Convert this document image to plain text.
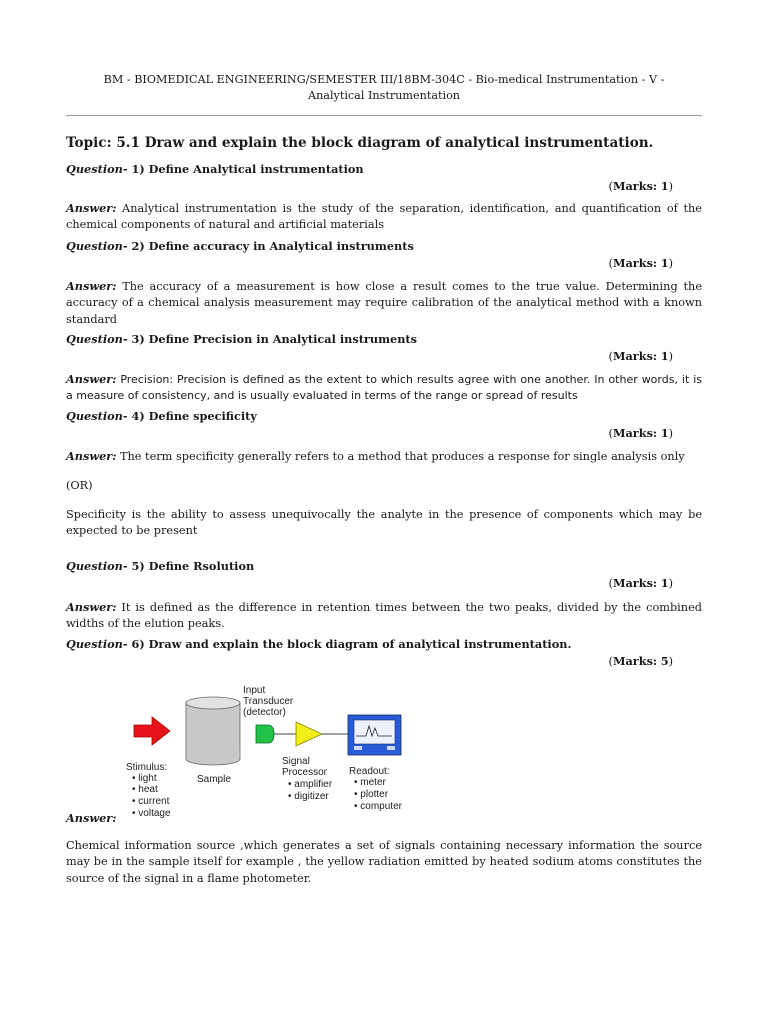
BM - BIOMEDICAL ENGINEERING/SEMESTER III/18BM-304C - Bio-medical Instrumentation - V -
Analytical Instrumentation
Topic: 5.1 Draw and explain the block diagram of analytical instrumentation.
Question- 1) Define Analytical instrumentation
(Marks: 1)
Answer: Analytical instrumentation is the study of the separation, identification, and quantification of the chemical components of natural and artificial materials
Question- 2) Define accuracy in Analytical instruments
(Marks: 1)
Answer: The accuracy of a measurement is how close a result comes to the true value. Determining the accuracy of a chemical analysis measurement may require calibration of the analytical method with a known standard
Question- 3) Define Precision in Analytical instruments
(Marks: 1)
Answer: Precision: Precision is defined as the extent to which results agree with one another. In other words, it is a measure of consistency, and is usually evaluated in terms of the range or spread of results
Question- 4) Define specificity
(Marks: 1)
Answer: The term specificity generally refers to a method that produces a response for single analysis only
(OR)
Specificity is the ability to assess unequivocally the analyte in the presence of components which may be expected to be present
Question- 5) Define Rsolution
(Marks: 1)
Answer: It is defined as the difference in retention times between the two peaks, divided by the combined widths of the elution peaks.
Question- 6) Draw and explain the block diagram of analytical instrumentation.
(Marks: 5)
Input
Transducer
(detector)
Stimulus:
• light
• heat
• current
• voltage
Sample
Signal
Processor
• amplifier
• digitizer
Readout:
• meter
• plotter
• computer
Answer:
Chemical information source ,which generates a set of signals containing necessary information the source may be in the sample itself for example , the yellow radiation emitted by heated sodium atoms constitutes the source of the signal in a flame photometer.
